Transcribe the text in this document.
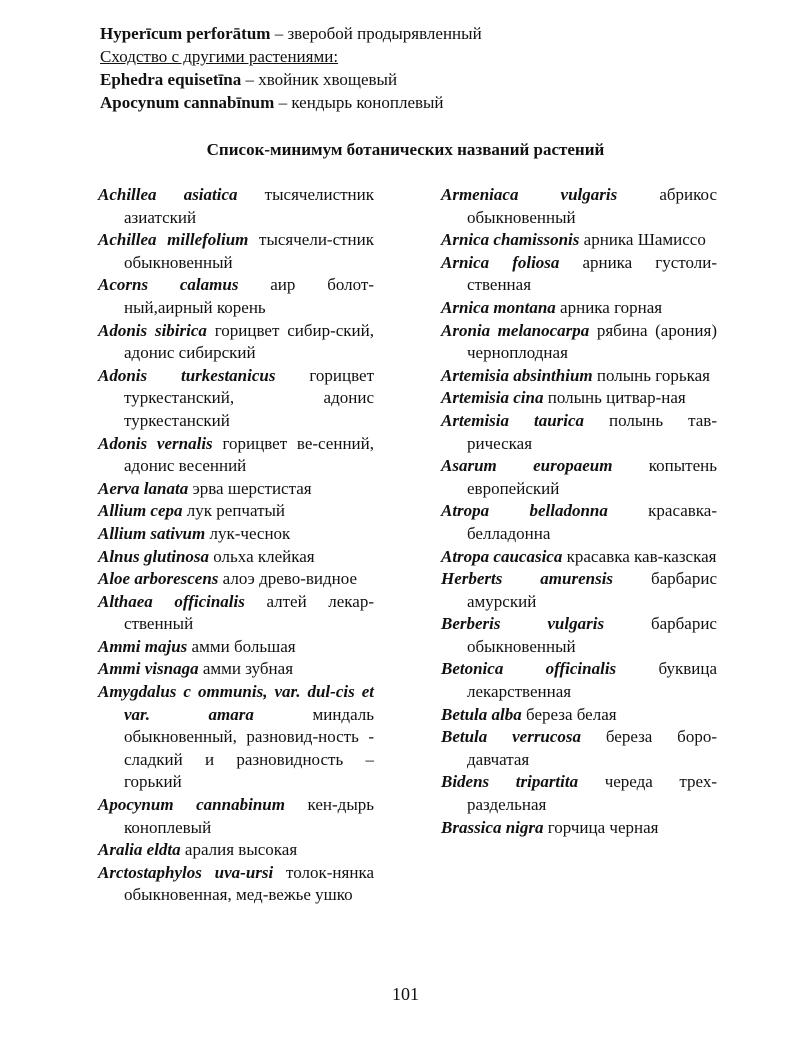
Hyperīcum perforātum – зверобой продырявленный
Сходство с другими растениями:
Ephedra equisetīna – хвойник хвощевый
Apocynum cannabīnum – кендырь коноплевый
Список-минимум ботанических названий растений
Achillea asiatica тысячелистник азиатский
Achillea millefolium тысячели-стник обыкновенный
Acorns calamus аир болот-ный,аирный корень
Adonis sibirica горицвет сибир-ский, адонис сибирский
Adonis turkestanicus горицвет туркестанский, адонис туркестанский
Adonis vernalis горицвет ве-сенний, адонис весенний
Aerva lanata эрва шерстистая
Allium cepa лук репчатый
Allium sativum лук-чеснок
Alnus glutinosa ольха клейкая
Aloe arborescens алоэ древо-видное
Althaea officinalis алтей лекар-ственный
Ammi majus амми большая
Ammi visnaga амми зубная
Amygdalus c ommunis, var. dul-cis et var. amara миндаль обыкновенный, разновид-ность - сладкий и разновидность – горький
Apocynum cannabinum кен-дырь коноплевый
Aralia eldta аралия высокая
Arctostaphylos uva-ursi толок-нянка обыкновенная, мед-вежье ушко
Armeniaca vulgaris абрикос обыкновенный
Arnica chamissonis арника Шамиссо
Arnica foliosa арника густоли-ственная
Arnica montana арника горная
Aronia melanocarpa рябина (арония) черноплодная
Artemisia absinthium полынь горькая
Artemisia cina полынь цитвар-ная
Artemisia taurica полынь тав-рическая
Asarum europaeum копытень европейский
Atropa belladonna красавка-белладонна
Atropa caucasica красавка кав-казская
Herberts amurensis барбарис амурский
Berberis vulgaris барбарис обыкновенный
Betonica officinalis буквица лекарственная
Betula alba береза белая
Betula verrucosa береза боро-давчатая
Bidens tripartita череда трех-раздельная
Brassica nigra горчица черная
101
